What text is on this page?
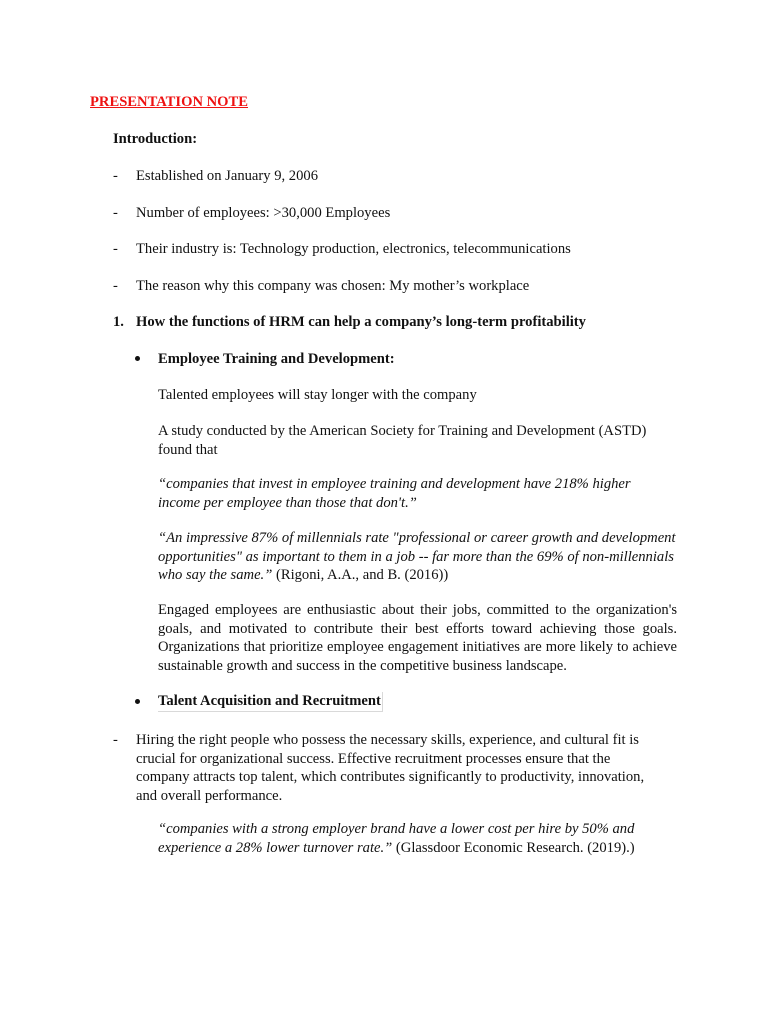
PRESENTATION NOTE
Introduction:
- Established on January 9, 2006
- Number of employees: >30,000 Employees
- Their industry is: Technology production, electronics, telecommunications
- The reason why this company was chosen: My mother’s workplace
1. How the functions of HRM can help a company’s long-term profitability
Employee Training and Development:
Talented employees will stay longer with the company
A study conducted by the American Society for Training and Development (ASTD) found that
“companies that invest in employee training and development have 218% higher income per employee than those that don't.”
“An impressive 87% of millennials rate "professional or career growth and development opportunities" as important to them in a job -- far more than the 69% of non-millennials who say the same.” (Rigoni, A.A., and B. (2016))
Engaged employees are enthusiastic about their jobs, committed to the organization's goals, and motivated to contribute their best efforts toward achieving those goals. Organizations that prioritize employee engagement initiatives are more likely to achieve sustainable growth and success in the competitive business landscape.
Talent Acquisition and Recruitment
- Hiring the right people who possess the necessary skills, experience, and cultural fit is crucial for organizational success. Effective recruitment processes ensure that the company attracts top talent, which contributes significantly to productivity, innovation, and overall performance.
“companies with a strong employer brand have a lower cost per hire by 50% and experience a 28% lower turnover rate.” (Glassdoor Economic Research. (2019).)
